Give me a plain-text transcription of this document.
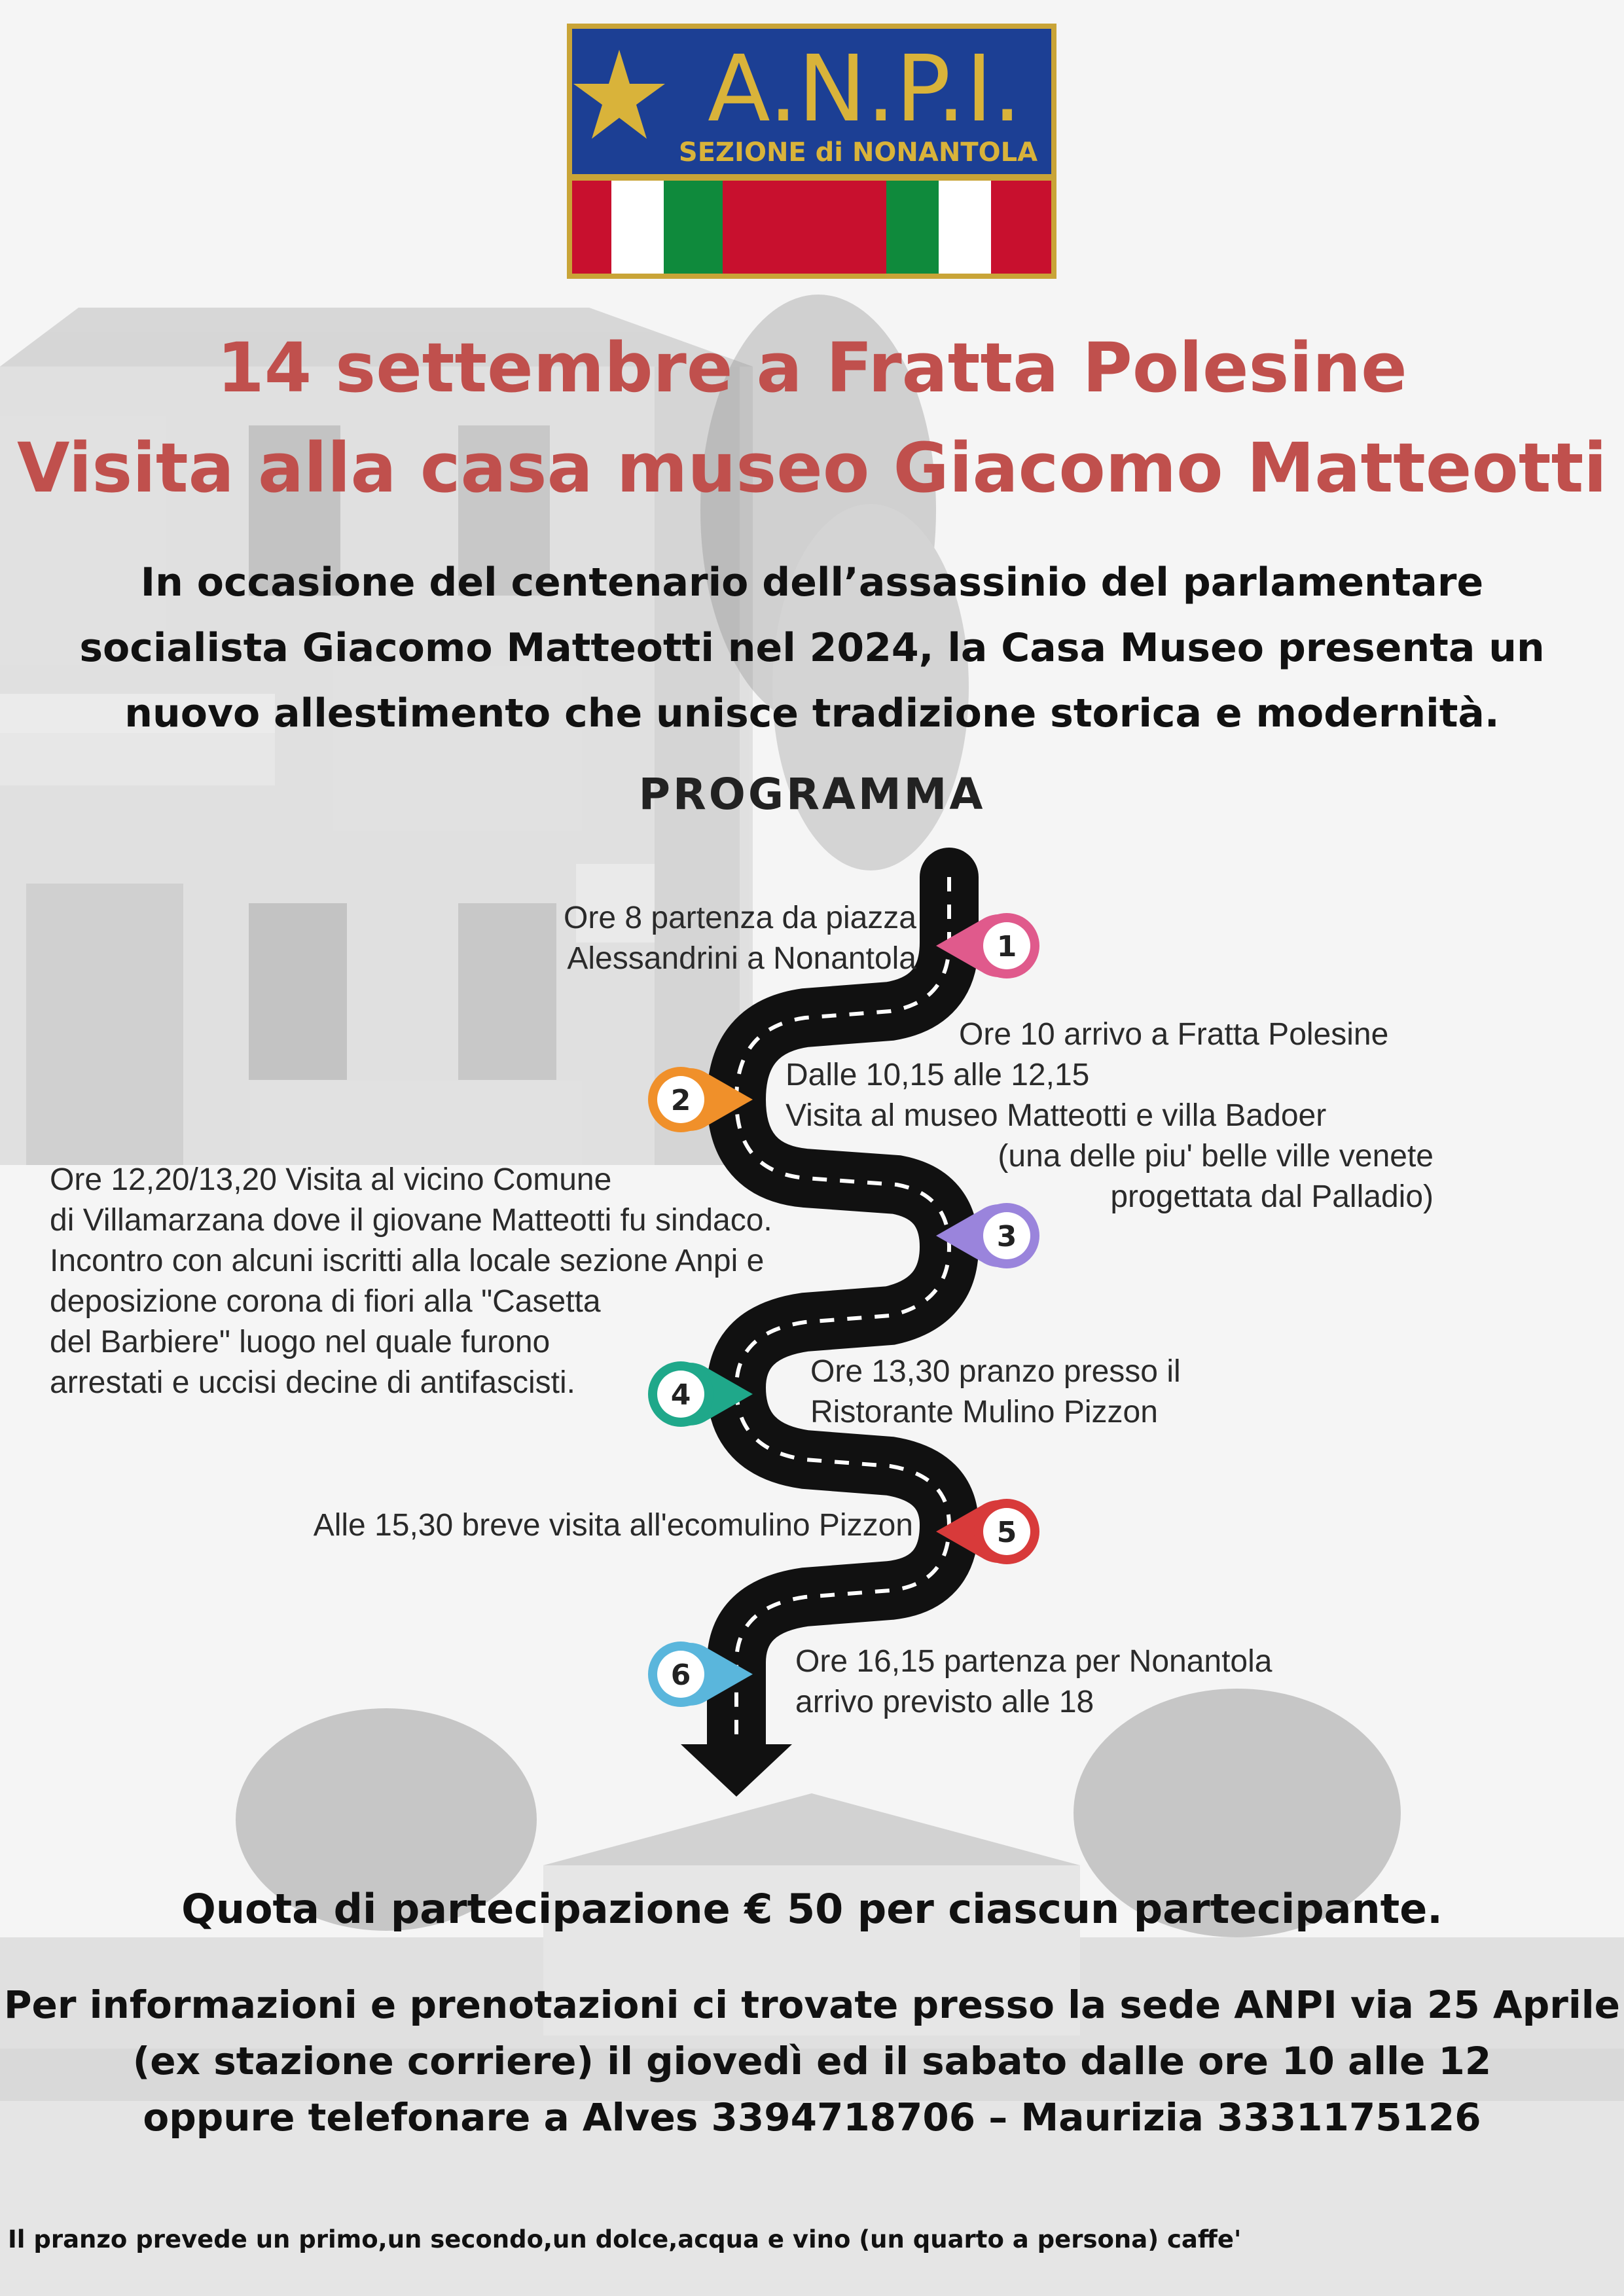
A.N.P.I.
SEZIONE di NONANTOLA
14 settembre a Fratta Polesine
Visita alla casa museo Giacomo Matteotti
In occasione del centenario dell’assassinio del parlamentare
socialista Giacomo Matteotti nel 2024, la Casa Museo presenta un
nuovo allestimento che unisce tradizione storica e modernità.
PROGRAMMA
1
2
3
4
5
6
Ore 8 partenza da piazza
Alessandrini a Nonantola
Ore 10 arrivo a Fratta Polesine
Dalle 10,15 alle 12,15
Visita al museo Matteotti e villa Badoer
(una delle piu' belle ville venete
progettata dal Palladio)
Ore 12,20/13,20 Visita al vicino Comune
di Villamarzana dove il giovane Matteotti fu sindaco.
Incontro con alcuni iscritti alla locale sezione Anpi e
deposizione corona di fiori alla "Casetta
del Barbiere" luogo nel quale furono
arrestati e uccisi decine di antifascisti.	Ore 13,30 pranzo presso il
Ristorante Mulino Pizzon
Alle 15,30 breve visita all'ecomulino Pizzon
Ore 16,15 partenza per Nonantola
arrivo previsto alle 18
Quota di partecipazione € 50 per ciascun partecipante.
Per informazioni e prenotazioni ci trovate presso la sede ANPI via 25 Aprile
(ex stazione corriere) il giovedì ed il sabato dalle ore 10 alle 12
oppure telefonare a Alves 3394718706 – Maurizia 3331175126
Il pranzo prevede un primo,un secondo,un dolce,acqua e vino (un quarto a persona) caffe'
